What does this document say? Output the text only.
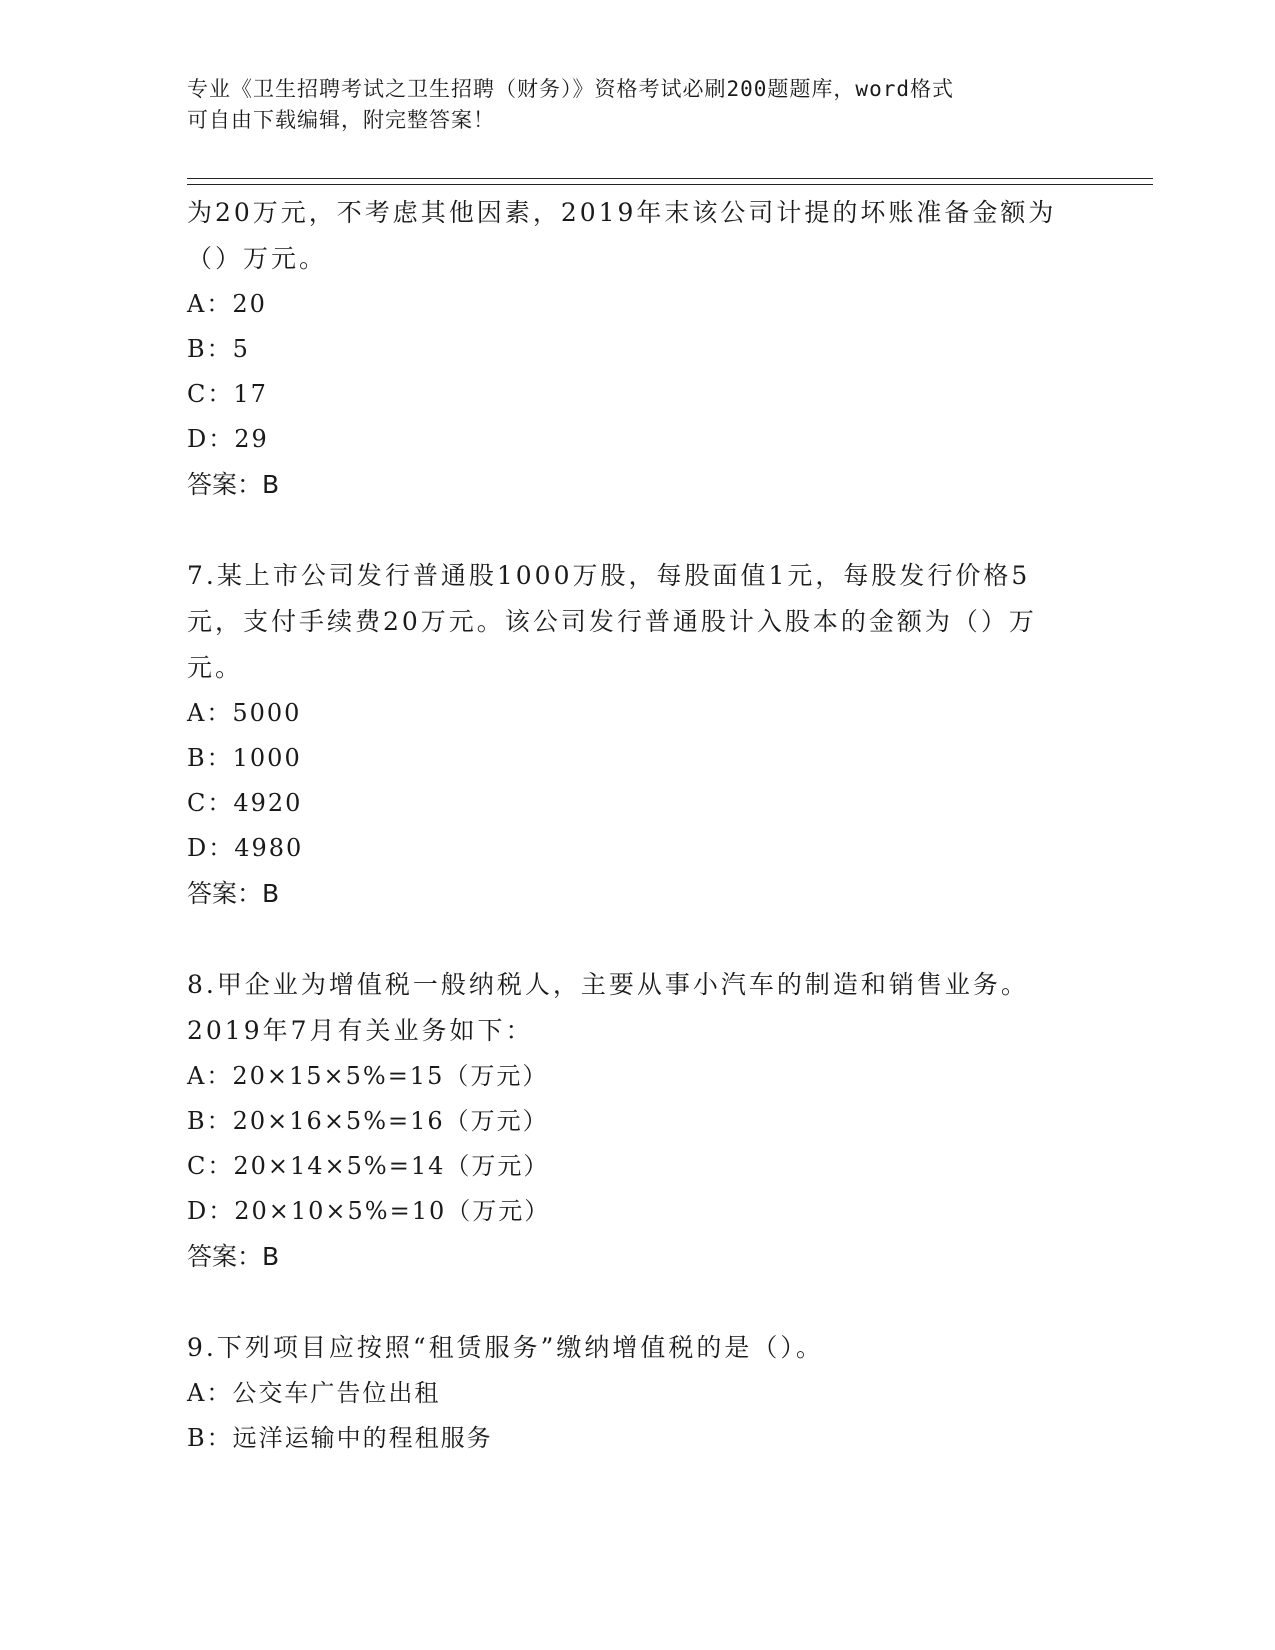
专业《卫生招聘考试之卫生招聘（财务）》资格考试必刷200题题库，word格式
可自由下载编辑，附完整答案！
为20万元，不考虑其他因素，2019年末该公司计提的坏账准备金额为
（）万元。
A：20
B：5
C：17
D：29
答案：B
7.某上市公司发行普通股1000万股，每股面值1元，每股发行价格5
元，支付手续费20万元。该公司发行普通股计入股本的金额为（）万
元。
A：5000
B：1000
C：4920
D：4980
答案：B
8.甲企业为增值税一般纳税人，主要从事小汽车的制造和销售业务。
2019年7月有关业务如下：
A：20×15×5%=15（万元）
B：20×16×5%=16（万元）
C：20×14×5%=14（万元）
D：20×10×5%=10（万元）
答案：B
9.下列项目应按照“租赁服务”缴纳增值税的是（）。
A：公交车广告位出租
B：远洋运输中的程租服务
